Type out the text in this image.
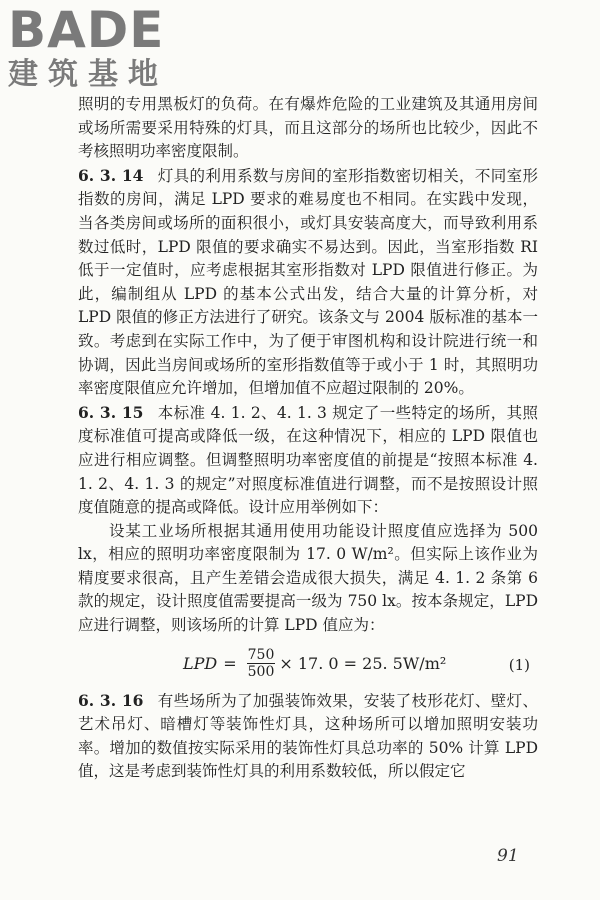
BADE
建筑基地

照明的专用黑板灯的负荷。在有爆炸危险的工业建筑及其通用房间或场所需要采用特殊的灯具，而且这部分的场所也比较少，因此不考核照明功率密度限制。

6. 3. 14 灯具的利用系数与房间的室形指数密切相关，不同室形指数的房间，满足 LPD 要求的难易度也不相同。在实践中发现，当各类房间或场所的面积很小，或灯具安装高度大，而导致利用系数过低时，LPD 限值的要求确实不易达到。因此，当室形指数 RI 低于一定值时，应考虑根据其室形指数对 LPD 限值进行修正。为此，编制组从 LPD 的基本公式出发，结合大量的计算分析，对 LPD 限值的修正方法进行了研究。该条文与 2004 版标准的基本一致。考虑到在实际工作中，为了便于审图机构和设计院进行统一和协调，因此当房间或场所的室形指数值等于或小于 1 时，其照明功率密度限值应允许增加，但增加值不应超过限制的 20%。

6. 3. 15 本标准 4. 1. 2、4. 1. 3 规定了一些特定的场所，其照度标准值可提高或降低一级，在这种情况下，相应的 LPD 限值也应进行相应调整。但调整照明功率密度值的前提是“按照本标准 4. 1. 2、4. 1. 3 的规定”对照度标准值进行调整，而不是按照设计照度值随意的提高或降低。设计应用举例如下：

设某工业场所根据其通用使用功能设计照度值应选择为 500 lx，相应的照明功率密度限制为 17. 0 W/m²。但实际上该作业为精度要求很高，且产生差错会造成很大损失，满足 4. 1. 2 条第 6 款的规定，设计照度值需要提高一级为 750 lx。按本条规定，LPD 应进行调整，则该场所的计算 LPD 值应为：

LPD = $\frac{750}{500} \times 17$. 0 = 25. 5W/m²	(1)

6. 3. 16 有些场所为了加强装饰效果，安装了枝形花灯、壁灯、艺术吊灯、暗槽灯等装饰性灯具，这种场所可以增加照明安装功率。增加的数值按实际采用的装饰性灯具总功率的 50% 计算 LPD 值，这是考虑到装饰性灯具的利用系数较低，所以假定它

91
